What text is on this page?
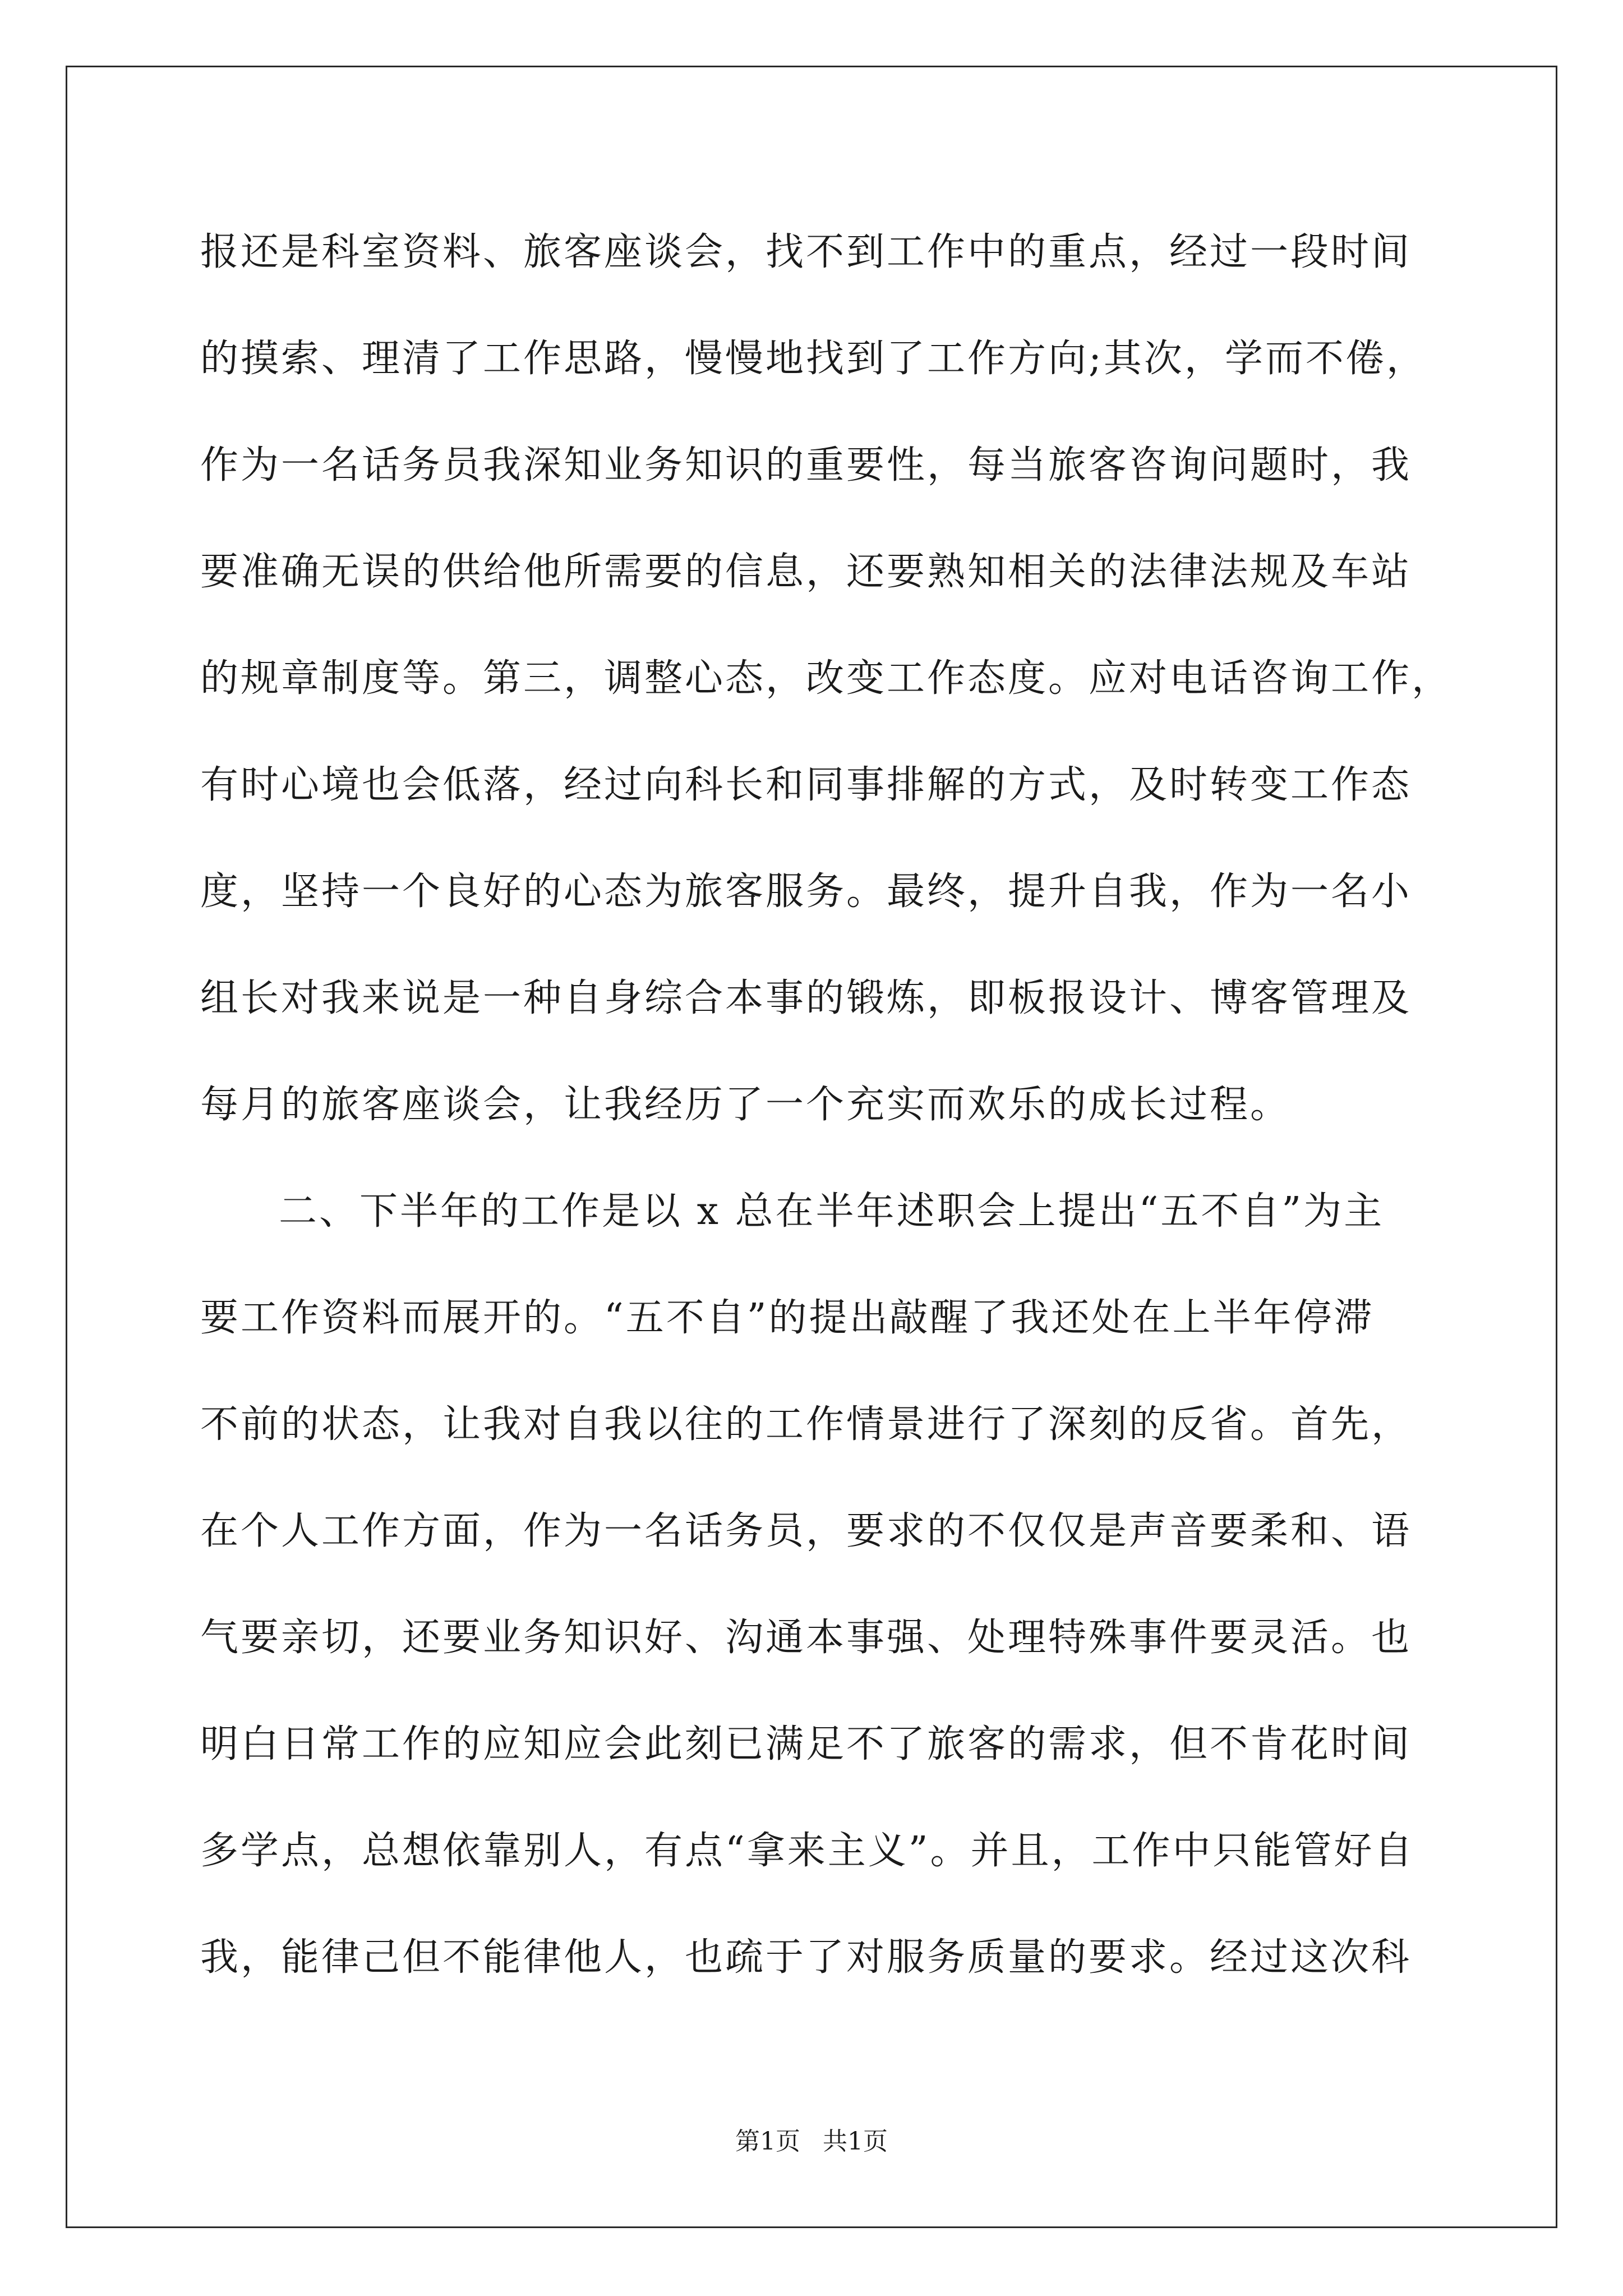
报还是科室资料、旅客座谈会，找不到工作中的重点，经过一段时间
的摸索、理清了工作思路，慢慢地找到了工作方向;其次，学而不倦，
作为一名话务员我深知业务知识的重要性，每当旅客咨询问题时，我
要准确无误的供给他所需要的信息，还要熟知相关的法律法规及车站
的规章制度等。第三，调整心态，改变工作态度。应对电话咨询工作，
有时心境也会低落，经过向科长和同事排解的方式，及时转变工作态
度，坚持一个良好的心态为旅客服务。最终，提升自我，作为一名小
组长对我来说是一种自身综合本事的锻炼，即板报设计、博客管理及
每月的旅客座谈会，让我经历了一个充实而欢乐的成长过程。
二、下半年的工作是以 x 总在半年述职会上提出“五不自”为主
要工作资料而展开的。“五不自”的提出敲醒了我还处在上半年停滞
不前的状态，让我对自我以往的工作情景进行了深刻的反省。首先，
在个人工作方面，作为一名话务员，要求的不仅仅是声音要柔和、语
气要亲切，还要业务知识好、沟通本事强、处理特殊事件要灵活。也
明白日常工作的应知应会此刻已满足不了旅客的需求，但不肯花时间
多学点，总想依靠别人，有点“拿来主义”。并且，工作中只能管好自
我，能律己但不能律他人，也疏于了对服务质量的要求。经过这次科
第1页 共1页
